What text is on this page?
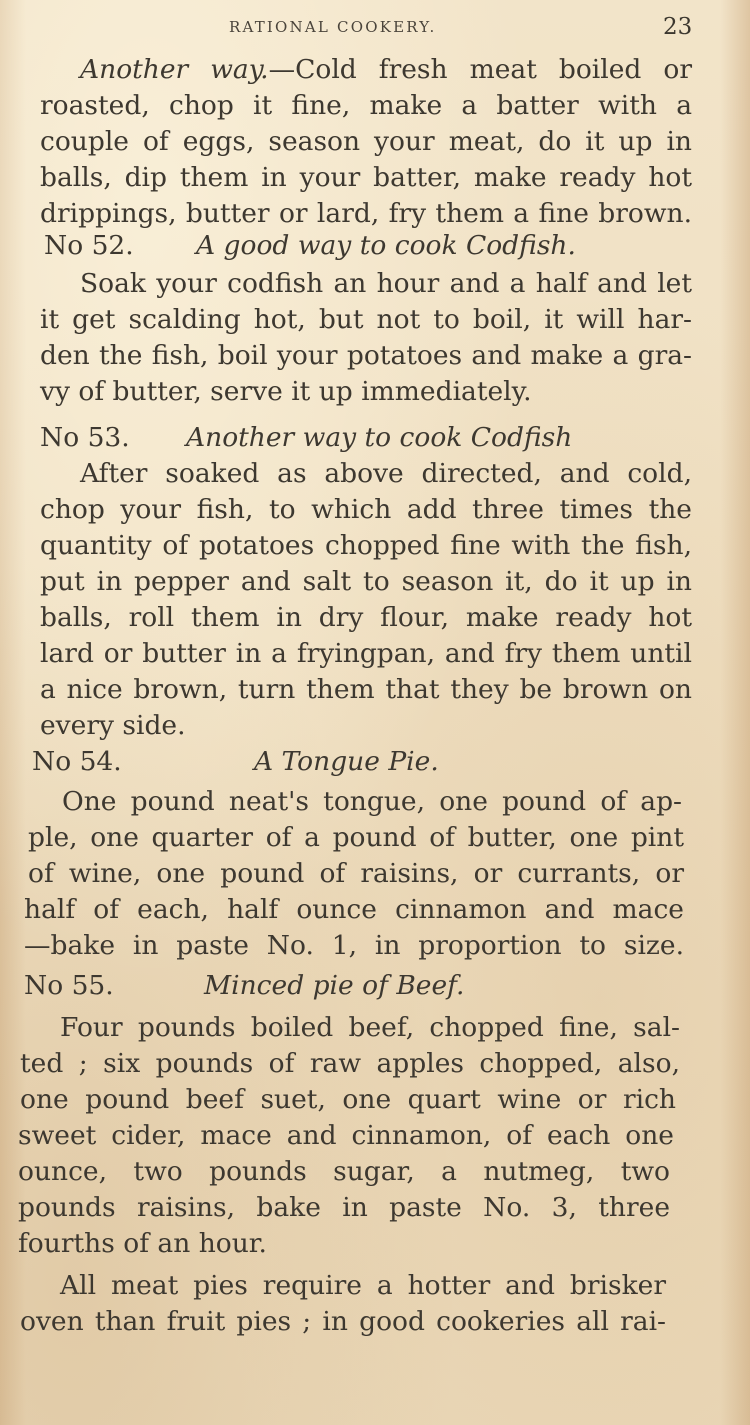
RATIONAL COOKERY.	23
Another way.—Cold fresh meat boiled or
roasted, chop it fine, make a batter with a
couple of eggs, season your meat, do it up in
balls, dip them in your batter, make ready hot
drippings, butter or lard, fry them a fine brown.
No 52. A good way to cook Codfish.
Soak your codfish an hour and a half and let
it get scalding hot, but not to boil, it will har-
den the fish, boil your potatoes and make a gra-
vy of butter, serve it up immediately.
No 53. Another way to cook Codfish
After soaked as above directed, and cold,
chop your fish, to which add three times the
quantity of potatoes chopped fine with the fish,
put in pepper and salt to season it, do it up in
balls, roll them in dry flour, make ready hot
lard or butter in a fryingpan, and fry them until
a nice brown, turn them that they be brown on
every side.
No 54.	A Tongue Pie.
One pound neat's tongue, one pound of ap-
ple, one quarter of a pound of butter, one pint
of wine, one pound of raisins, or currants, or
half of each, half ounce cinnamon and mace
—bake in paste No. 1, in proportion to size.
No 55.	Minced pie of Beef.
Four pounds boiled beef, chopped fine, sal-
ted ; six pounds of raw apples chopped, also,
one pound beef suet, one quart wine or rich
sweet cider, mace and cinnamon, of each one
ounce, two pounds sugar, a nutmeg, two
pounds raisins, bake in paste No. 3, three
fourths of an hour.
All meat pies require a hotter and brisker
oven than fruit pies ; in good cookeries all rai-
